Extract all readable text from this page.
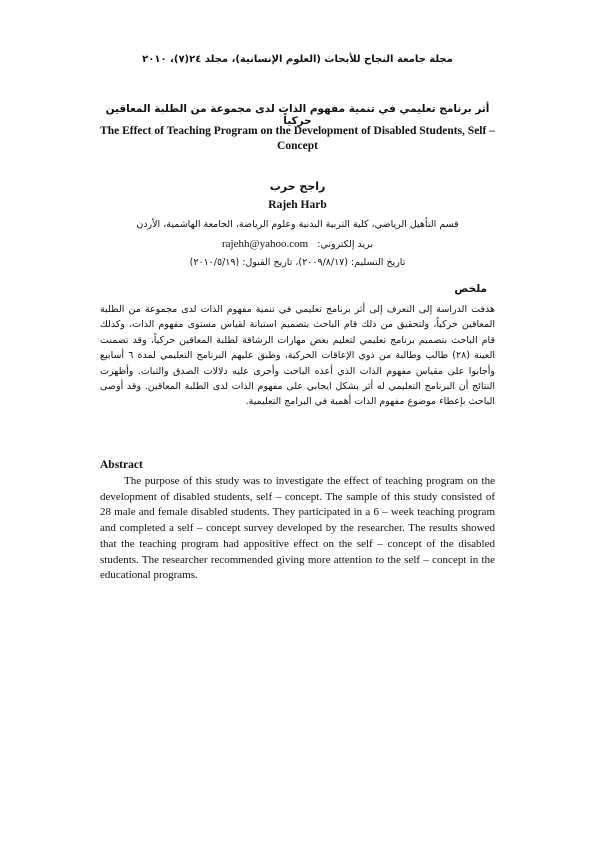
مجلة جامعة النجاح للأبحاث (العلوم الإنسانية)، مجلد ٢٤(٧)، ٢٠١٠
أثر برنامج تعليمي في تنمية مفهوم الذات لدى مجموعة من الطلبة المعاقين حركياً
The Effect of Teaching Program on the Development of Disabled Students, Self – Concept
راجح حرب
Rajeh Harb
قسم التأهيل الرياضي، كلية التربية البدنية وعلوم الرياضة، الجامعة الهاشمية، الأردن
بريد إلكتروني: rajehh@yahoo.com
تاريخ التسليم: (٢٠٠٩/٨/١٧)، تاريخ القبول: (٢٠١٠/٥/١٩)
ملخص
هدفت الدراسة إلى التعرف إلى أثر برنامج تعليمي في تنمية مفهوم الذات لدى مجموعة من الطلبة المعاقين حركياً، ولتحقيق من ذلك قام الباحث بتصميم استبانة لقياس مستوى مفهوم الذات، وكذلك قام الباحث بتصميم برنامج تعليمي لتعليم بعض مهارات الرشاقة لطلبة المعاقين حركياً، وقد تضمنت العينة (٢٨) طالب وطالبة من ذوي الإعاقات الحركية، وطبق عليهم البرنامج التعليمي لمدة ٦ أسابيع وأجابوا على مقياس مفهوم الذات الذي أعده الباحث وأجرى عليه دلالات الصدق والثبات. وأظهرت النتائج أن البرنامج التعليمي له أثر بشكل ايجابي على مفهوم الذات لدى الطلبة المعاقين. وقد أوصى الباحث بإعطاء موضوع مفهوم الذات أهمية في البرامج التعليمية.
Abstract

The purpose of this study was to investigate the effect of teaching program on the development of disabled students, self – concept. The sample of this study consisted of 28 male and female disabled students. They participated in a 6 – week teaching program and completed a self – concept survey developed by the researcher. The results showed that the teaching program had appositive effect on the self – concept of the disabled students. The researcher recommended giving more attention to the self – concept in the educational programs.
